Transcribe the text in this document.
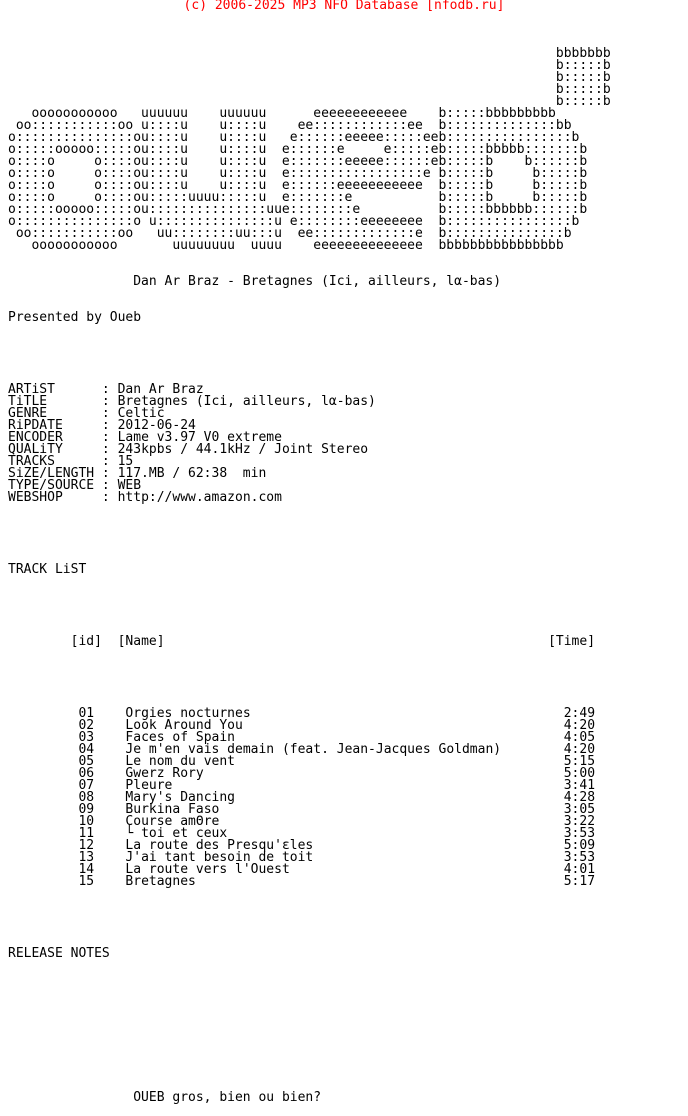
(c) 2006-2025 MP3 NFO Database [nfodb.ru]

bbbbbbb
b:::::b
b:::::b
b:::::b
b:::::b
ooooooooooo   uuuuuu    uuuuuu      eeeeeeeeeeee    b:::::bbbbbbbbb
oo:::::::::::oo u::::u    u::::u    ee::::::::::::ee  b::::::::::::::bb
o:::::::::::::::ou::::u    u::::u   e::::::eeeee:::::eeb::::::::::::::::b
o:::::ooooo:::::ou::::u    u::::u  e::::::e     e:::::eb:::::bbbbb:::::::b
o::::o     o::::ou::::u    u::::u  e:::::::eeeee::::::eb:::::b    b::::::b
o::::o     o::::ou::::u    u::::u  e:::::::::::::::::e b:::::b     b:::::b
o::::o     o::::ou::::u    u::::u  e::::::eeeeeeeeeee  b:::::b     b:::::b
o::::o     o::::ou:::::uuuu:::::u  e:::::::e           b:::::b     b:::::b
o:::::ooooo:::::ou:::::::::::::::uue::::::::e          b:::::bbbbbb::::::b
o:::::::::::::::o u:::::::::::::::u e::::::::eeeeeeee  b::::::::::::::::b
oo:::::::::::oo   uu::::::::uu:::u  ee:::::::::::::e  b:::::::::::::::b
ooooooooooo       uuuuuuuu  uuuu    eeeeeeeeeeeeee  bbbbbbbbbbbbbbbb

Dan Ar Braz - Bretagnes (Ici, ailleurs, lα-bas)

Presented by Oueb

ARTiST      : Dan Ar Braz
TiTLE       : Bretagnes (Ici, ailleurs, lα-bas)
GENRE       : Celtic
RiPDATE     : 2012-06-24
ENCODER     : Lame v3.97 V0 extreme
QUALiTY     : 243kpbs / 44.1kHz / Joint Stereo
TRACKS      : 15
SiZE/LENGTH : 117.MB / 62:38  min
TYPE/SOURCE : WEB
WEBSHOP     : http://www.amazon.com

TRACK LiST

[id] [Name]	[Time]

01 Orgies nocturnes	2:49
02 Look Around You	4:20
03 Faces of Spain	4:05
04 Je m'en vais demain (feat. Jean-Jacques Goldman)	4:20
05 Le nom du vent	5:15
06 Gwerz Rory	5:00
07 Pleure	3:41
08 Mary's Dancing	4:28
09 Burkina Faso	3:05
10 Course amΘre	3:22
11 └ toi et ceux	3:53
12 La route des Presqu'εles	5:09
13 J'ai tant besoin de toit	3:53
14 La route vers l'Ouest	4:01
15 Bretagnes	5:17

RELEASE NOTES

OUEB gros, bien ou bien?
